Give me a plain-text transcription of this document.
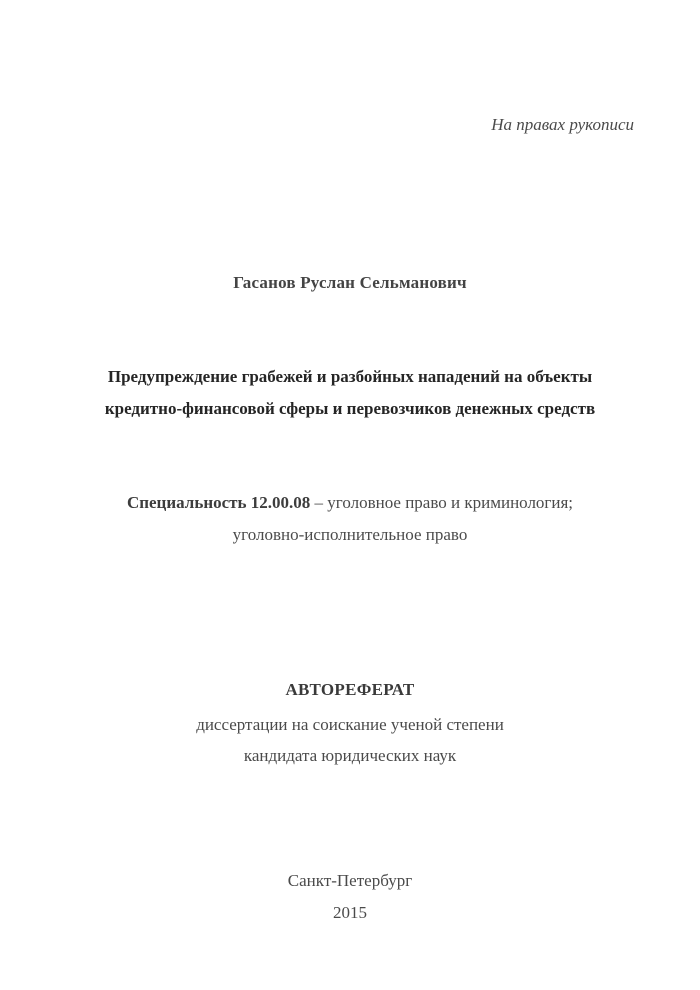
На правах рукописи
Гасанов Руслан Сельманович
Предупреждение грабежей и разбойных нападений на объекты
кредитно-финансовой сферы и перевозчиков денежных средств
Специальность 12.00.08 – уголовное право и криминология;
уголовно-исполнительное право
АВТОРЕФЕРАТ
диссертации на соискание ученой степени
кандидата юридических наук
Санкт-Петербург
2015
